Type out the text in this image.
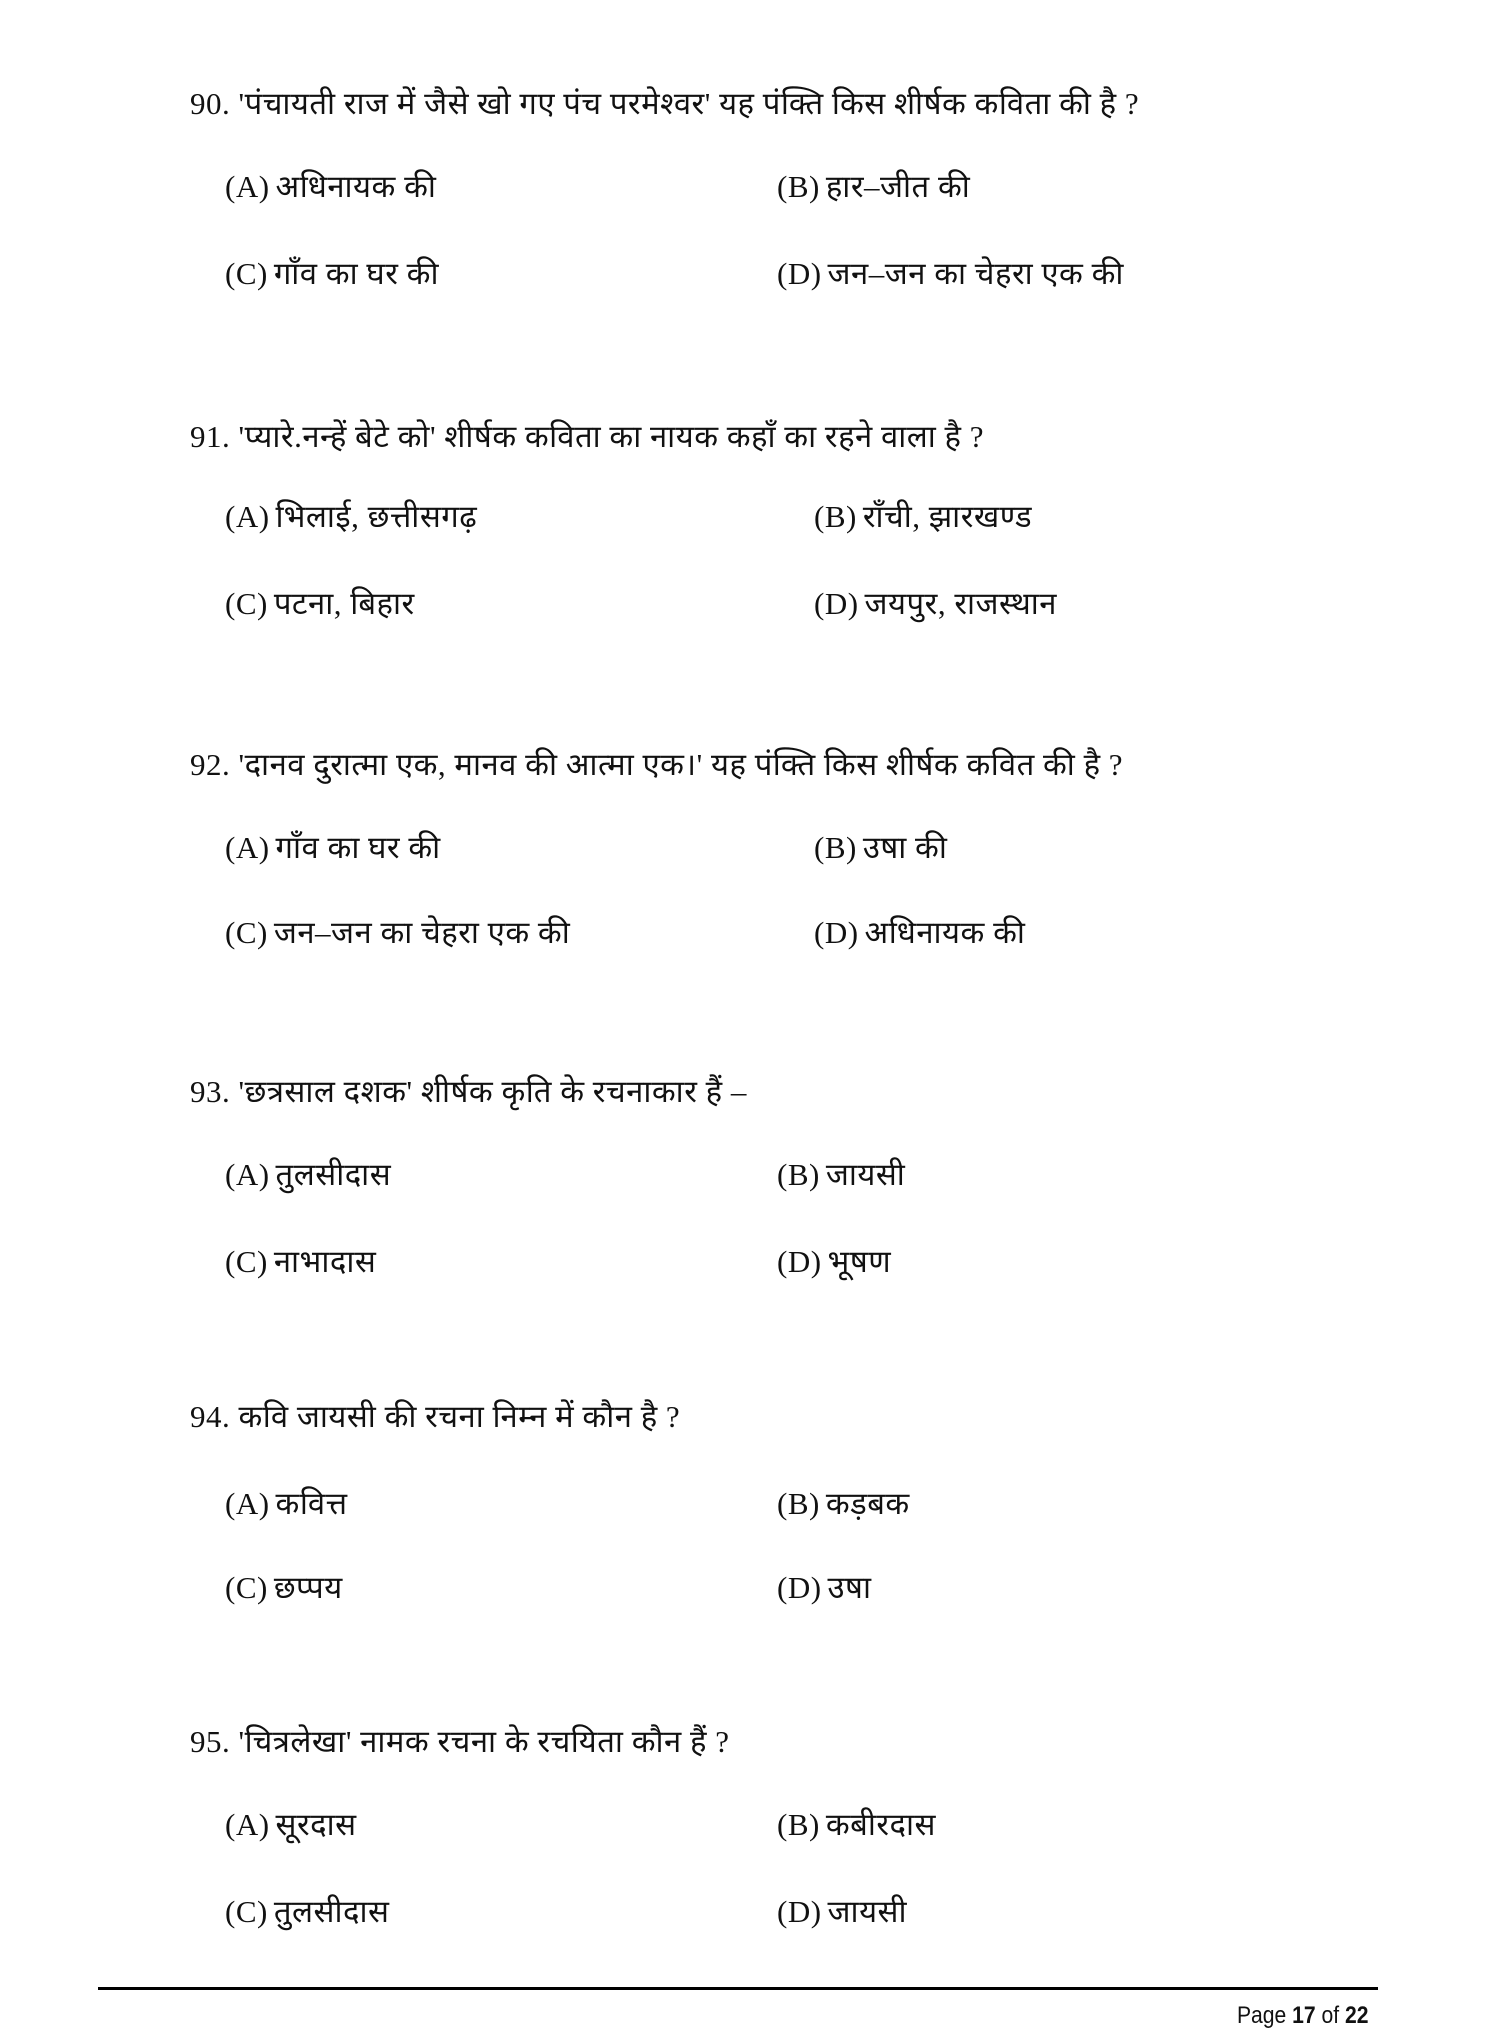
90. 'पंचायती राज में जैसे खो गए पंच परमेश्वर' यह पंक्ति किस शीर्षक कविता की है ?
(A) अधिनायक की	(B) हार–जीत की
(C) गाँव का घर की	(D) जन–जन का चेहरा एक की
91. 'प्यारे.नन्हें बेटे को' शीर्षक कविता का नायक कहाँ का रहने वाला है ?
(A) भिलाई, छत्तीसगढ़	(B) राँची, झारखण्ड
(C) पटना, बिहार	(D) जयपुर, राजस्थान
92. 'दानव दुरात्मा एक, मानव की आत्मा एक।' यह पंक्ति किस शीर्षक कवित की है ?
(A) गाँव का घर की	(B) उषा की
(C) जन–जन का चेहरा एक की	(D) अधिनायक की
93. 'छत्रसाल दशक' शीर्षक कृति के रचनाकार हैं –
(A) तुलसीदास	(B) जायसी
(C) नाभादास	(D) भूषण
94. कवि जायसी की रचना निम्न में कौन है ?
(A) कवित्त	(B) कड़बक
(C) छप्पय	(D) उषा
95. 'चित्रलेखा' नामक रचना के रचयिता कौन हैं ?
(A) सूरदास	(B) कबीरदास
(C) तुलसीदास	(D) जायसी
Page 17 of 22
